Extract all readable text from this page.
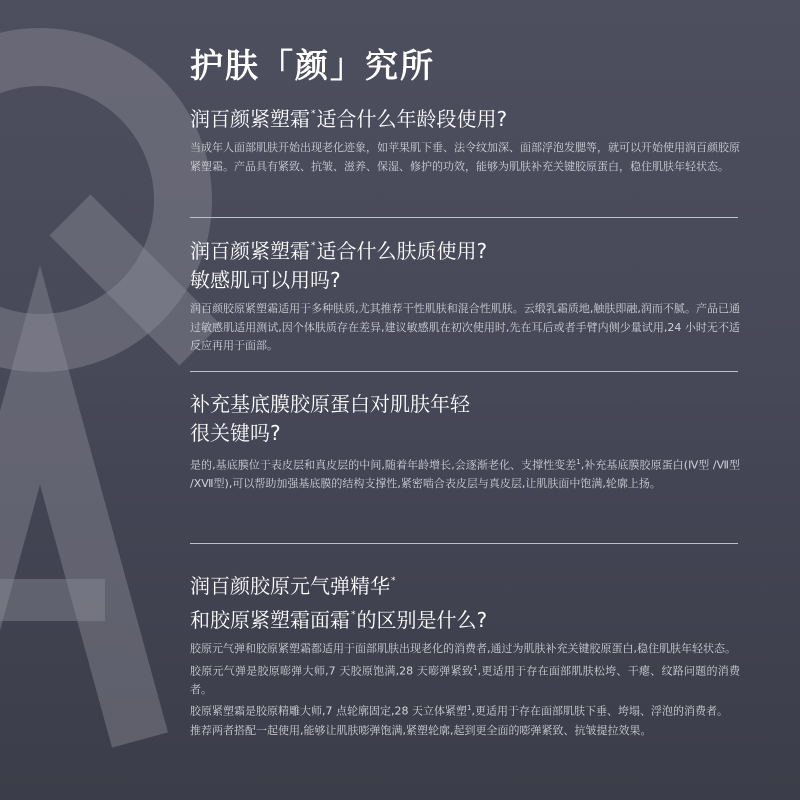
护肤「颜」究所
润百颜紧塑霜*适合什么年龄段使用?

当成年人面部肌肤开始出现老化迹象，如苹果肌下垂、法令纹加深、面部浮泡发腮等，就可以开始使用润百颜胶原紧塑霜。产品具有紧致、抗皱、滋养、保湿、修护的功效，能够为肌肤补充关键胶原蛋白，稳住肌肤年轻状态。

润百颜紧塑霜*适合什么肤质使用?
敏感肌可以用吗?

润百颜胶原紧塑霜适用于多种肤质,尤其推荐干性肌肤和混合性肌肤。云缎乳霜质地,触肤即融,润而不腻。产品已通过敏感肌适用测试,因个体肤质存在差异,建议敏感肌在初次使用时,先在耳后或者手臂内侧少量试用,24 小时无不适反应再用于面部。

补充基底膜胶原蛋白对肌肤年轻
很关键吗?

是的,基底膜位于表皮层和真皮层的中间,随着年龄增长,会逐渐老化、支撑性变差$^1$,补充基底膜胶原蛋白(Ⅳ型 /Ⅶ型 /ⅩⅦ型),可以帮助加强基底膜的结构支撑性,紧密啮合表皮层与真皮层,让肌肤面中饱满,轮廓上扬。

润百颜胶原元气弹精华*
和胶原紧塑霜面霜*的区别是什么?

胶原元气弹和胶原紧塑霜都适用于面部肌肤出现老化的消费者,通过为肌肤补充关键胶原蛋白,稳住肌肤年轻状态。

胶原元气弹是胶原嘭弹大师,7 天胶原饱满,28 天嘭弹紧致$^1$,更适用于存在面部肌肤松垮、干瘪、纹路问题的消费者。

胶原紧塑霜是胶原精雕大师,7 点轮廓固定,28 天立体紧塑$^1$,更适用于存在面部肌肤下垂、垮塌、浮泡的消费者。

推荐两者搭配一起使用,能够让肌肤嘭弹饱满,紧塑轮廓,起到更全面的嘭弹紧致、抗皱提拉效果。
